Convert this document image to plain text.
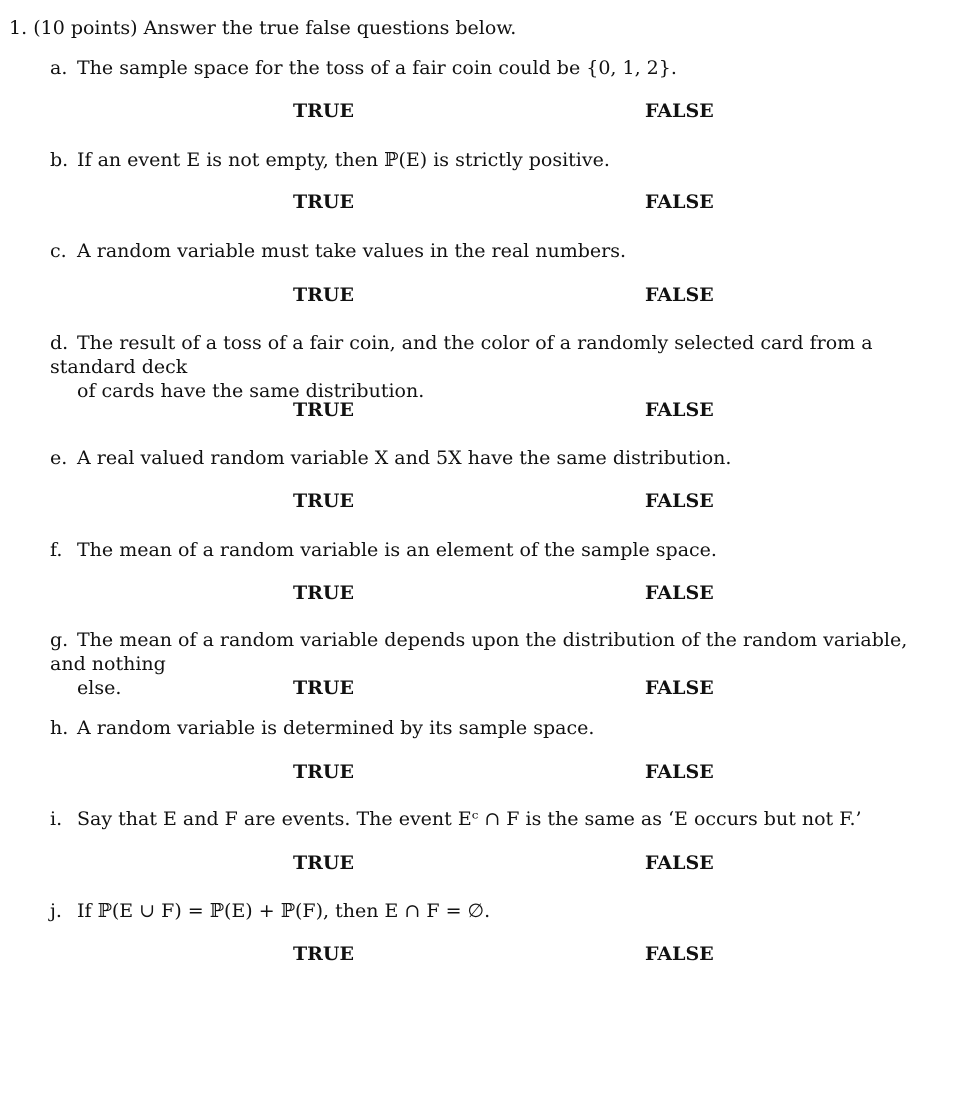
1. (10 points) Answer the true false questions below.
a. The sample space for the toss of a fair coin could be {0, 1, 2}.
TRUE	FALSE
b. If an event E is not empty, then ℙ(E) is strictly positive.
TRUE	FALSE
c. A random variable must take values in the real numbers.
TRUE	FALSE
d. The result of a toss of a fair coin, and the color of a randomly selected card from a standard deck
of cards have the same distribution.
TRUE	FALSE
e. A real valued random variable X and 5X have the same distribution.
TRUE	FALSE
f. The mean of a random variable is an element of the sample space.
TRUE	FALSE
g. The mean of a random variable depends upon the distribution of the random variable, and nothing
else.	TRUE	FALSE
h. A random variable is determined by its sample space.
TRUE	FALSE
i. Say that E and F are events. The event Eᶜ ∩ F is the same as ‘E occurs but not F.’
TRUE	FALSE
j. If ℙ(E ∪ F) = ℙ(E) + ℙ(F), then E ∩ F = ∅.
TRUE	FALSE
